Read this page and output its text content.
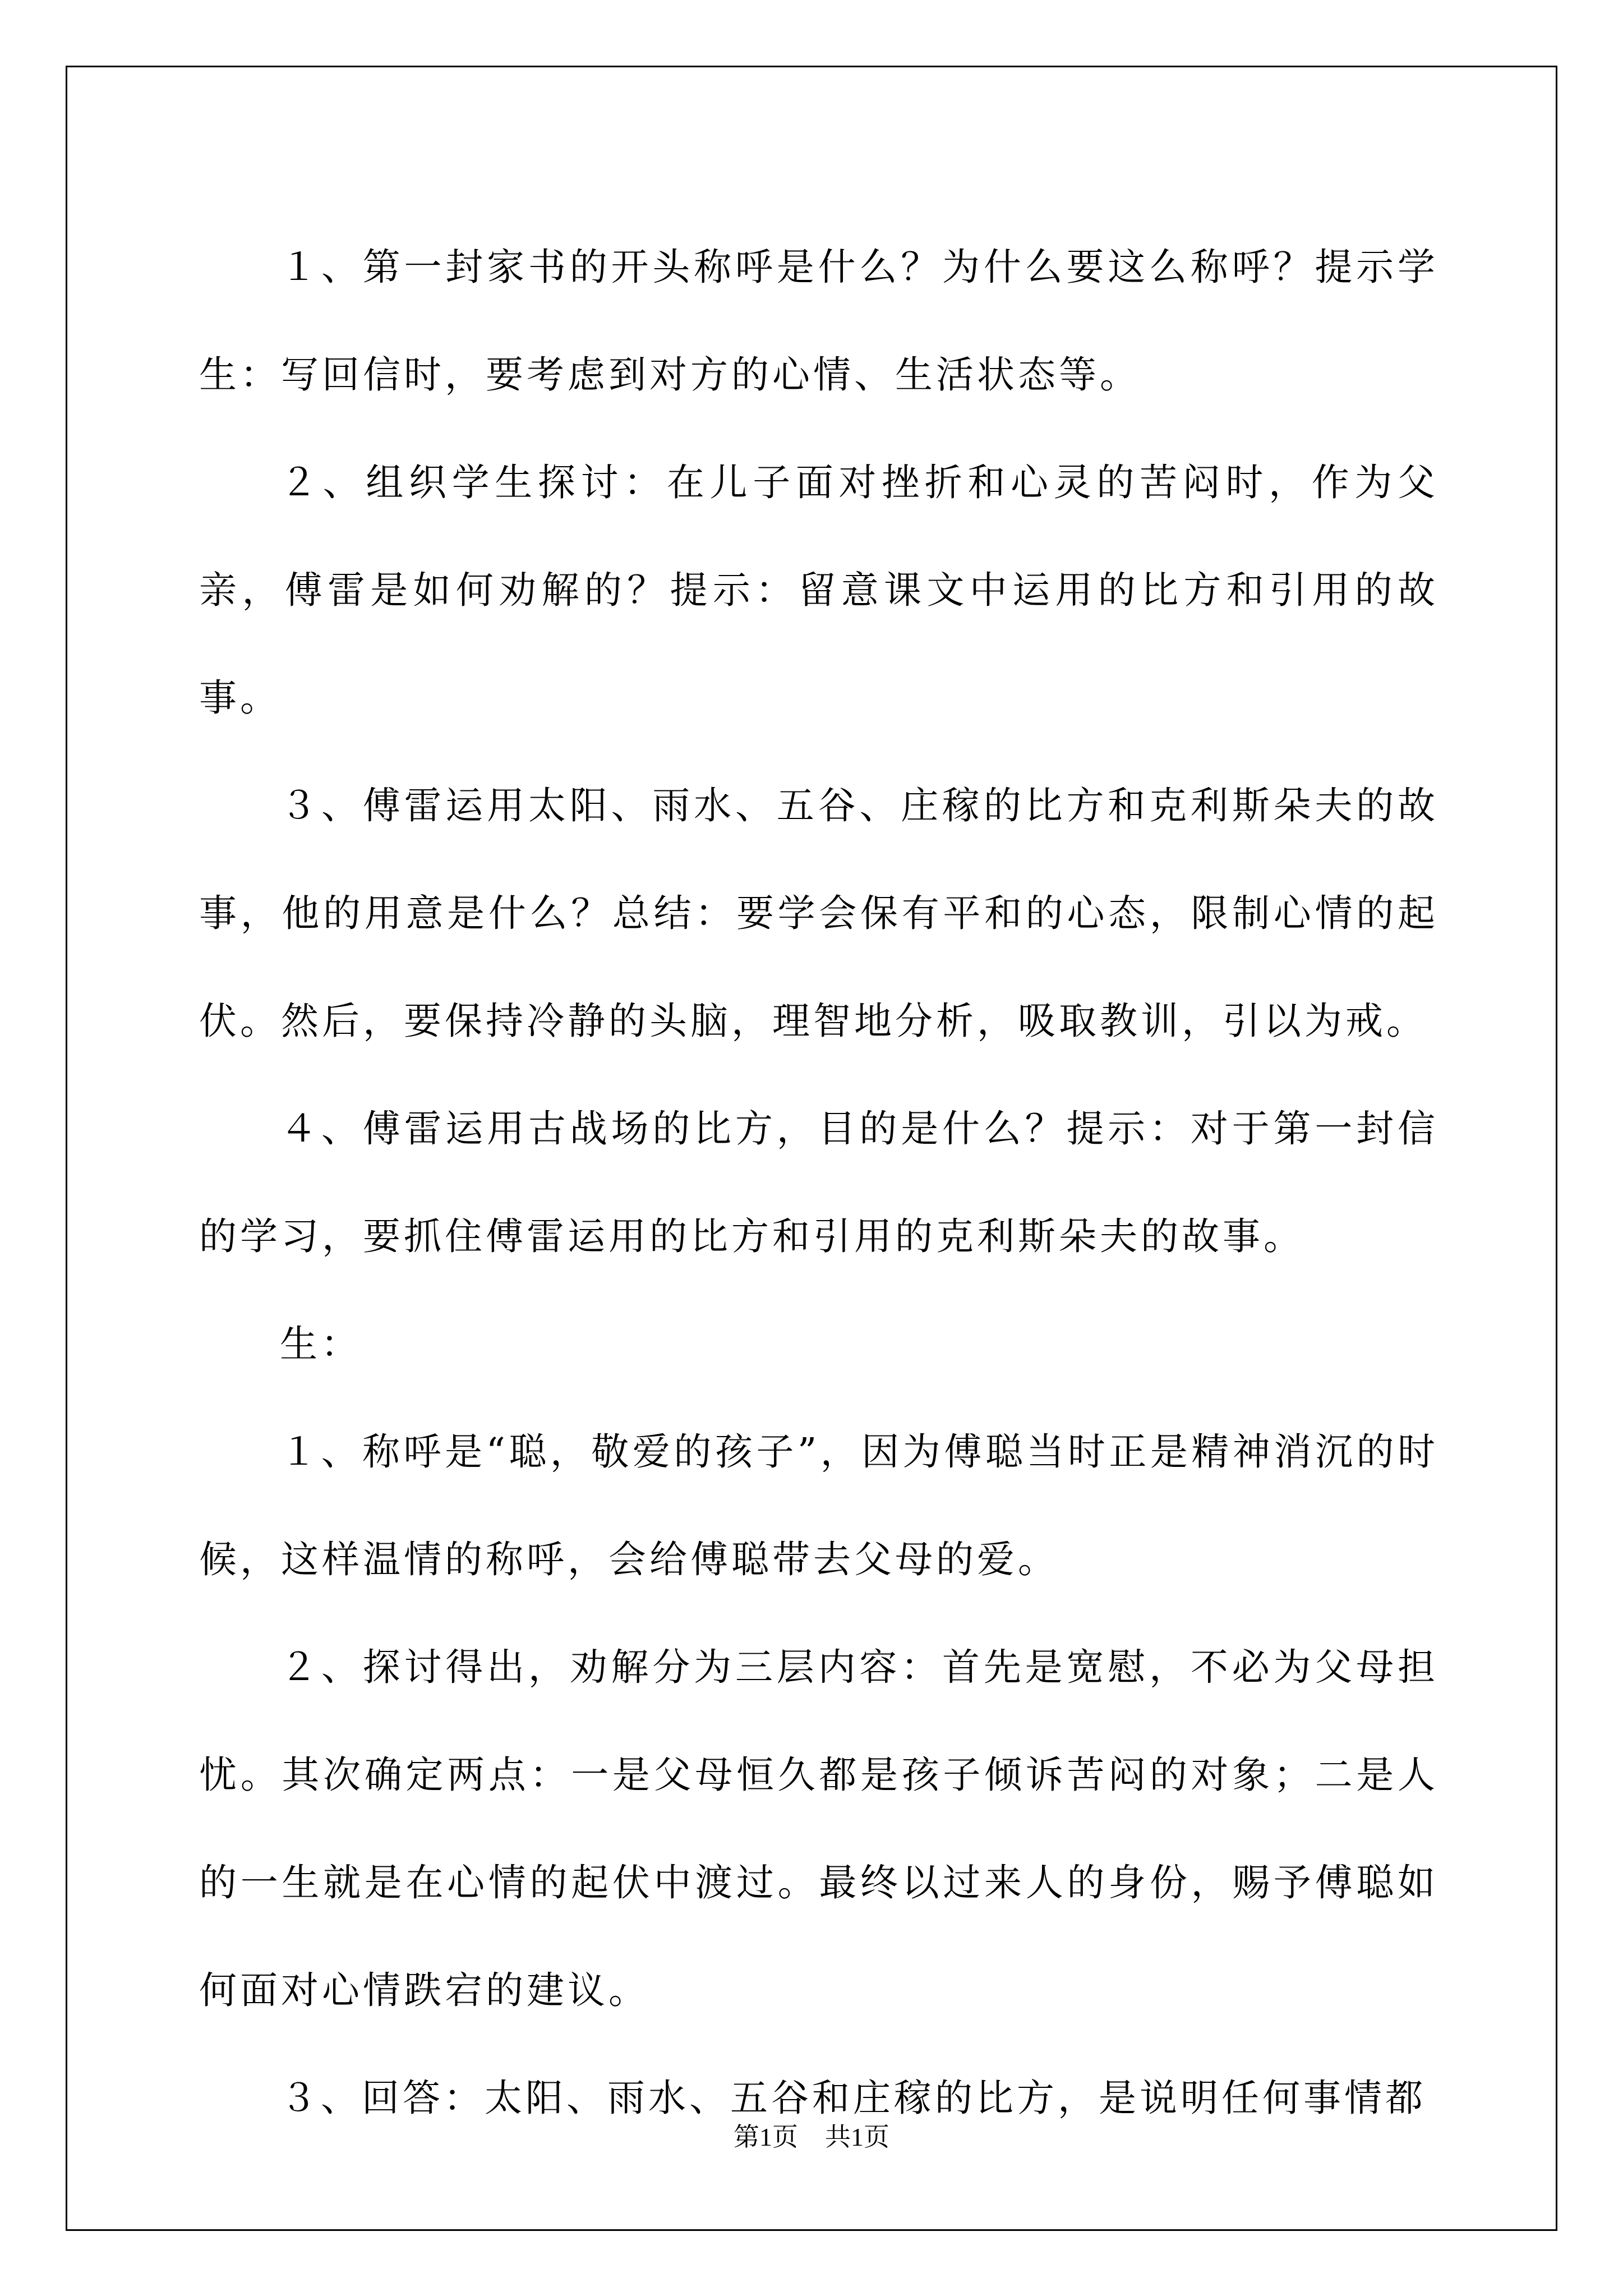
１、第一封家书的开头称呼是什么？为什么要这么称呼？提示学生：写回信时，要考虑到对方的心情、生活状态等。

２、组织学生探讨：在儿子面对挫折和心灵的苦闷时，作为父亲，傅雷是如何劝解的？提示：留意课文中运用的比方和引用的故事。

３、傅雷运用太阳、雨水、五谷、庄稼的比方和克利斯朵夫的故事，他的用意是什么？总结：要学会保有平和的心态，限制心情的起伏。然后，要保持冷静的头脑，理智地分析，吸取教训，引以为戒。

４、傅雷运用古战场的比方，目的是什么？提示：对于第一封信的学习，要抓住傅雷运用的比方和引用的克利斯朵夫的故事。

生：

１、称呼是“聪，敬爱的孩子”，因为傅聪当时正是精神消沉的时候，这样温情的称呼，会给傅聪带去父母的爱。

２、探讨得出，劝解分为三层内容：首先是宽慰，不必为父母担忧。其次确定两点：一是父母恒久都是孩子倾诉苦闷的对象；二是人的一生就是在心情的起伏中渡过。最终以过来人的身份，赐予傅聪如何面对心情跌宕的建议。

３、回答：太阳、雨水、五谷和庄稼的比方，是说明任何事情都

第1页 共1页
